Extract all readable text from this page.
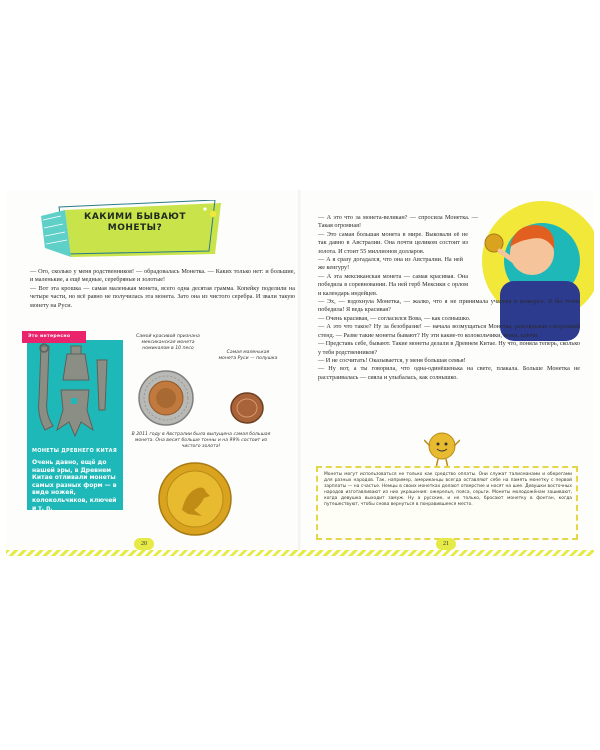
КАКИМИ БЫВАЮТ МОНЕТЫ?

— Ого, сколько у меня родственников! — обрадовалась Монетка. — Каких только нет: и большие, и маленькие, а ещё медные, серебряные и золотые!

— Вот эта крошка — самая маленькая монета, всего одна десятая грамма. Копейку поделили на четыре части, но всё равно не получилась эта монета. Зато она из чистого серебра. И звали такую монету на Руси.

Это интересно
МОНЕТЫ ДРЕВНЕГО КИТАЯ
Очень давно, ещё до нашей эры, в Древнем Китае отливали монеты самых разных форм — в виде ножей, колокольчиков, ключей и т. п.
Самой красивой признана мексиканская монета номиналом в 10 песо
Самая маленькая монета Руси — полушка
В 2011 году в Австралии была выпущена самая большая монета. Она весит больше тонны и на 99% состоит из чистого золота!
20

— А это что за монета-великан? — спросила Монетка. — Такая огромная!

— Это самая большая монета в мире. Выковали её не так давно в Австралии. Она почти целиком состоит из золота. И стоит 55 миллионов долларов.

— А я сразу догадался, что она из Австралии. На ней же кенгуру!

— А эта мексиканская монета — самая красивая. Она победила в соревновании. На ней герб Мексики с орлом и календарь индейцев.

— Эх, — вздохнула Монетка, — жалко, что я не принимала участия в конкурсе. Я бы точно победила! Я ведь красивая?

— Очень красивая, — согласился Вова, — как солнышко.

— А это что такое? Ну за безобразие! — начала возмущаться Монетка, разглядывая следующий стенд. — Разве такие монеты бывают? Ну эти какие-то колокольчики, ножи, ключи.

— Представь себе, бывают. Такие монеты делали в Древнем Китае. Ну что, поняла теперь, сколько у тебя родственников?

— И не сосчитать! Оказывается, у меня большая семья!

— Ну вот, а ты говорила, что одна-одинёшенька на свете, плакала. Больше Монетка не расстраивалась — сияла и улыбалась, как солнышко.

Монеты могут использоваться не только как средство оплаты. Они служат талисманами и оберегами для разных народов. Так, например, американцы всегда оставляют себе на память монетку с первой зарплаты — на счастье. Немцы в своих монетках делают отверстие и носят на шее. Девушки восточных народов изготавливают из них украшения: ожерелья, пояса, серьги. Монеты молодожёнам зашивают, когда девушка выходит замуж. Ну а русские, и не только, бросают монетку в фонтан, когда путешествуют, чтобы снова вернуться в понравившееся место.
21
